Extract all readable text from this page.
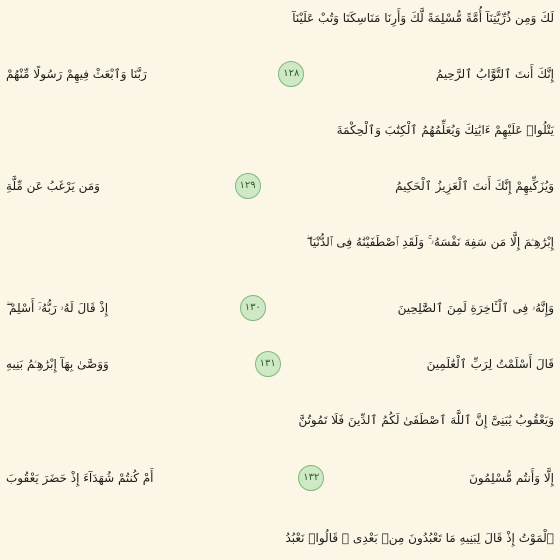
لَكَ وَمِن ذُرِّيَّتِنَآ أُمَّةً مُّسْلِمَةً لَّكَ وَأَرِنَا مَنَاسِكَنَا وَتُبْ عَلَيْنَآ
إِنَّكَ أَنتَ ٱلتَّوَّابُ ٱلرَّحِيمُ
١٢٨
رَبَّنَا وَٱبْعَثْ فِيهِمْ رَسُولًا مِّنْهُمْ
يَتْلُوا۟ عَلَيْهِمْ ءَايَٰتِكَ وَيُعَلِّمُهُمُ ٱلْكِتَٰبَ وَٱلْحِكْمَةَ
وَيُزَكِّيهِمْ إِنَّكَ أَنتَ ٱلْعَزِيزُ ٱلْحَكِيمُ
١٢٩
وَمَن يَرْغَبُ عَن مِّلَّةِ
إِبْرَٰهِـۧمَ إِلَّا مَن سَفِهَ نَفْسَهُۥ ۚ وَلَقَدِ ٱصْطَفَيْنَٰهُ فِى ٱلدُّنْيَا ۖ
وَإِنَّهُۥ فِى ٱلْـَٔاخِرَةِ لَمِنَ ٱلصَّٰلِحِينَ
١٣٠
إِذْ قَالَ لَهُۥ رَبُّهُۥٓ أَسْلِمْ ۖ
قَالَ أَسْلَمْتُ لِرَبِّ ٱلْعَٰلَمِينَ
١٣١
وَوَصَّىٰ بِهَآ إِبْرَٰهِـۧمُ بَنِيهِ
وَيَعْقُوبُ يَٰبَنِىَّ إِنَّ ٱللَّهَ ٱصْطَفَىٰ لَكُمُ ٱلدِّينَ فَلَا تَمُوتُنَّ
إِلَّا وَأَنتُم مُّسْلِمُونَ
١٣٢
أَمْ كُنتُمْ شُهَدَآءَ إِذْ حَضَرَ يَعْقُوبَ
ٱلْمَوْتُ إِذْ قَالَ لِبَنِيهِ مَا تَعْبُدُونَ مِنۢ بَعْدِى ۖ قَالُوا۟ نَعْبُدُ
